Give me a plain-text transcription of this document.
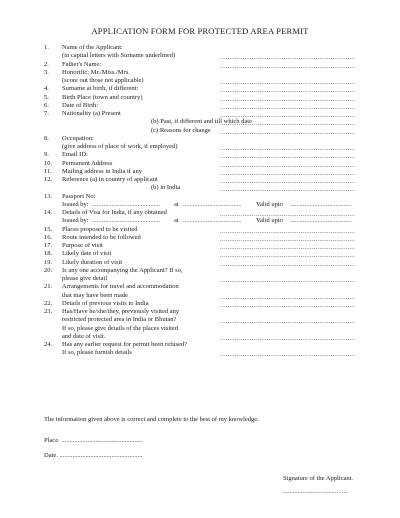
APPLICATION FORM FOR PROTECTED AREA PERMIT
1. Name of the Applicant:
(in capital letters with Surname underlined)	........................................................................
2. Father's Name:	........................................................................
3. Honorific: Mr./Miss./Mrs.
(score out those not applicable)	........................................................................
4. Surname at birth, if different:	........................................................................
5. Birth Place (town and country)	........................................................................
6. Date of Birth:	........................................................................
7. Nationality (a) Present	........................................................................
(b) Past, if different and till which date
........................................................................
(c) Reasons for change ........................................................................
8. Occupation:
(give address of place of work, if employed)	........................................................................
9. Email ID:	........................................................................
10. Permanent Address	........................................................................
11. Mailing address in India if any	........................................................................
12. Reference (a) in country of applicant	........................................................................
(b) in India	........................................................................
13. Passport No:
Issued by: ..........................................	at ....................................	Valid upto ......................................
14. Details of Visa for India, if any obtained	........................................................................
Issued by: ..........................................	at ....................................	Valid upto ......................................
15. Places proposed to be visited	........................................................................
16. Route intended to be followed	........................................................................
17. Purpose of visit	........................................................................
18. Likely date of visit	........................................................................
19. Likely duration of visit	........................................................................
20. Is any one accompanying the Applicant? If so,
please give detail	........................................................................
21. Arrangements for travel and accommodation
that may have been made	........................................................................
22. Details of previous visits to India	........................................................................
23. Has/Have he/she/they, previously visited any
restricted protected area in India or Bhutan?	........................................................................
If so, please give details of the places visited
and date of visit.	........................................................................
24. Has any earlier request for permit been refused?
If so, please furnish details	........................................................................
The information given above is correct and complete to the best of my knowledge.
Place. ..................................................
Date. ...................................................
Signature of the Applicant.
........................................
